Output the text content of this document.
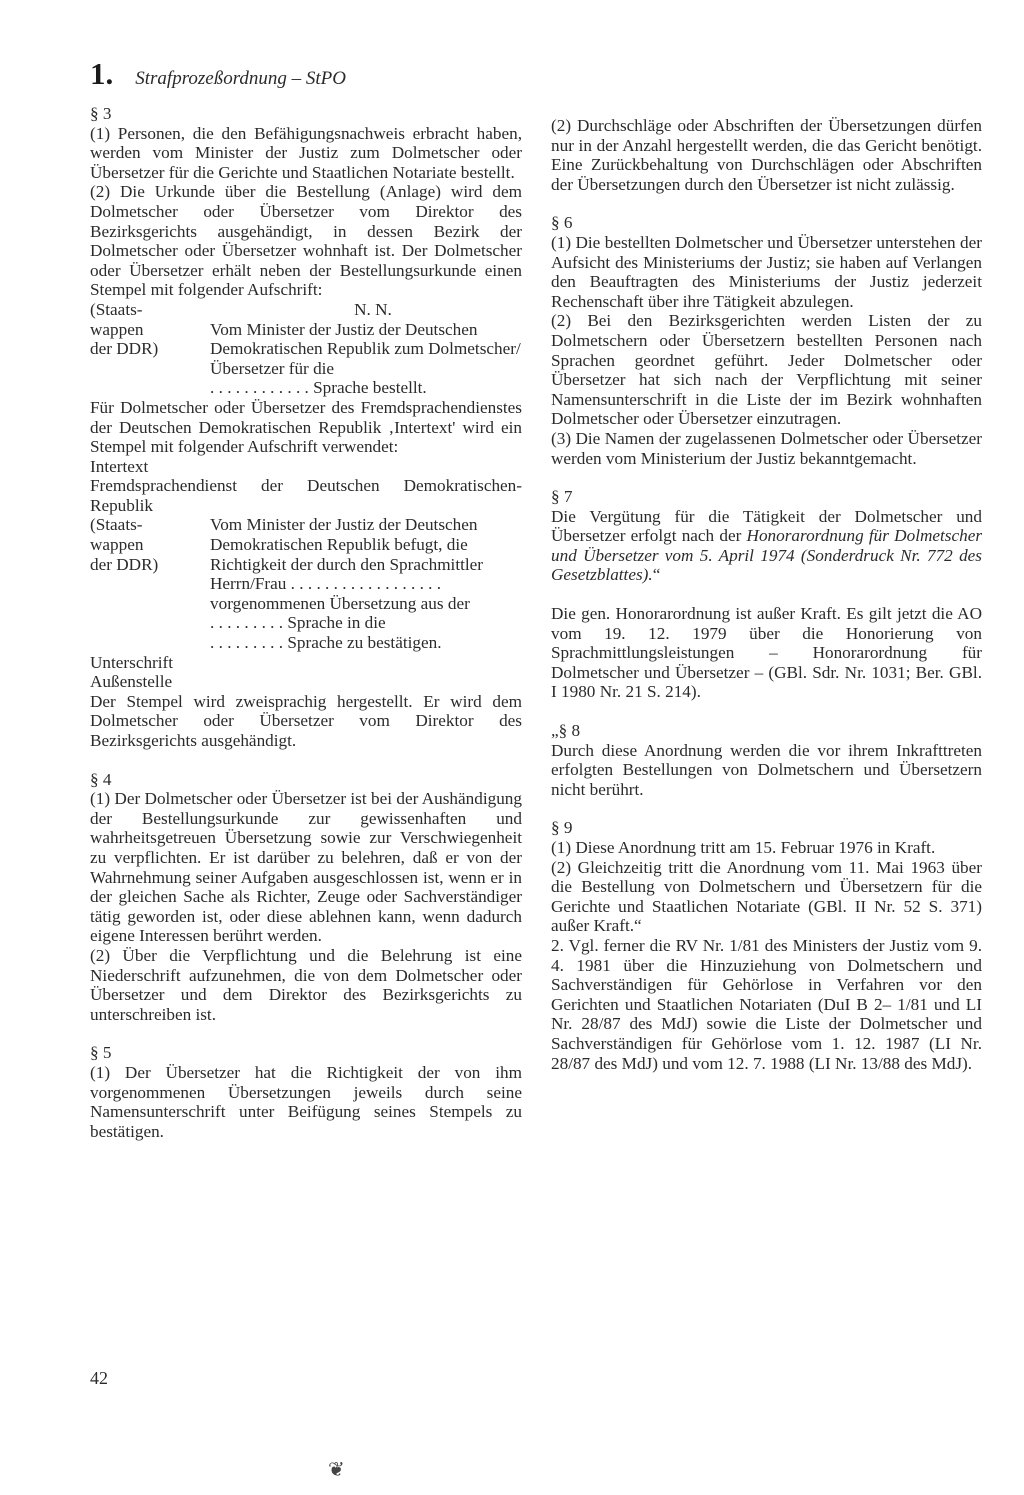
1. Strafprozeßordnung – StPO

§ 3

(1) Personen, die den Befähigungsnachweis erbracht haben, werden vom Minister der Justiz zum Dolmetscher oder Übersetzer für die Gerichte und Staatlichen Notariate bestellt.

(2) Die Urkunde über die Bestellung (Anlage) wird dem Dolmetscher oder Übersetzer vom Direktor des Bezirksgerichts ausgehändigt, in dessen Bezirk der Dolmetscher oder Übersetzer wohnhaft ist. Der Dolmetscher oder Übersetzer erhält neben der Bestellungsurkunde einen Stempel mit folgender Aufschrift:

(Staats-
wappen
der DDR)
N. N.
Vom Minister der Justiz der Deutschen Demokratischen Republik zum Dolmetscher/Übersetzer für die
. . . . . . . . . . . . Sprache bestellt.

Für Dolmetscher oder Übersetzer des Fremdsprachendienstes der Deutschen Demokratischen Republik ‚Intertext' wird ein Stempel mit folgender Aufschrift verwendet:

Intertext

Fremdsprachendienst der Deutschen Demokratischen-Republik

(Staats-
wappen
der DDR)
Vom Minister der Justiz der Deutschen Demokratischen Republik befugt, die Richtigkeit der durch den Sprachmittler
Herrn/Frau . . . . . . . . . . . . . . . . . .
vorgenommenen Übersetzung aus der
. . . . . . . . . Sprache in die
. . . . . . . . . Sprache zu bestätigen.

Unterschrift

Außenstelle

Der Stempel wird zweisprachig hergestellt. Er wird dem Dolmetscher oder Übersetzer vom Direktor des Bezirksgerichts ausgehändigt.

§ 4

(1) Der Dolmetscher oder Übersetzer ist bei der Aushändigung der Bestellungsurkunde zur gewissenhaften und wahrheitsgetreuen Übersetzung sowie zur Verschwiegenheit zu verpflichten. Er ist darüber zu belehren, daß er von der Wahrnehmung seiner Aufgaben ausgeschlossen ist, wenn er in der gleichen Sache als Richter, Zeuge oder Sachverständiger tätig geworden ist, oder diese ablehnen kann, wenn dadurch eigene Interessen berührt werden.

(2) Über die Verpflichtung und die Belehrung ist eine Niederschrift aufzunehmen, die von dem Dolmetscher oder Übersetzer und dem Direktor des Bezirksgerichts zu unterschreiben ist.

§ 5

(1) Der Übersetzer hat die Richtigkeit der von ihm vorgenommenen Übersetzungen jeweils durch seine Namensunterschrift unter Beifügung seines Stempels zu bestätigen.

(2) Durchschläge oder Abschriften der Übersetzungen dürfen nur in der Anzahl hergestellt werden, die das Gericht benötigt. Eine Zurückbehaltung von Durchschlägen oder Abschriften der Übersetzungen durch den Übersetzer ist nicht zulässig.

§ 6

(1) Die bestellten Dolmetscher und Übersetzer unterstehen der Aufsicht des Ministeriums der Justiz; sie haben auf Verlangen den Beauftragten des Ministeriums der Justiz jederzeit Rechenschaft über ihre Tätigkeit abzulegen.

(2) Bei den Bezirksgerichten werden Listen der zu Dolmetschern oder Übersetzern bestellten Personen nach Sprachen geordnet geführt. Jeder Dolmetscher oder Übersetzer hat sich nach der Verpflichtung mit seiner Namensunterschrift in die Liste der im Bezirk wohnhaften Dolmetscher oder Übersetzer einzutragen.

(3) Die Namen der zugelassenen Dolmetscher oder Übersetzer werden vom Ministerium der Justiz bekanntgemacht.

§ 7

Die Vergütung für die Tätigkeit der Dolmetscher und Übersetzer erfolgt nach der Honorarordnung für Dolmetscher und Übersetzer vom 5. April 1974 (Sonderdruck Nr. 772 des Gesetzblattes).“

Die gen. Honorarordnung ist außer Kraft. Es gilt jetzt die AO vom 19. 12. 1979 über die Honorierung von Sprachmittlungsleistungen – Honorarordnung für Dolmetscher und Übersetzer – (GBl. Sdr. Nr. 1031; Ber. GBl. I 1980 Nr. 21 S. 214).

„§ 8

Durch diese Anordnung werden die vor ihrem Inkrafttreten erfolgten Bestellungen von Dolmetschern und Übersetzern nicht berührt.

§ 9

(1) Diese Anordnung tritt am 15. Februar 1976 in Kraft.

(2) Gleichzeitig tritt die Anordnung vom 11. Mai 1963 über die Bestellung von Dolmetschern und Übersetzern für die Gerichte und Staatlichen Notariate (GBl. II Nr. 52 S. 371) außer Kraft.“

2. Vgl. ferner die RV Nr. 1/81 des Ministers der Justiz vom 9. 4. 1981 über die Hinzuziehung von Dolmetschern und Sachverständigen für Gehörlose in Verfahren vor den Gerichten und Staatlichen Notariaten (DuI B 2– 1/81 und LI Nr. 28/87 des MdJ) sowie die Liste der Dolmetscher und Sachverständigen für Gehörlose vom 1. 12. 1987 (LI Nr. 28/87 des MdJ) und vom 12. 7. 1988 (LI Nr. 13/88 des MdJ).

42
❦
